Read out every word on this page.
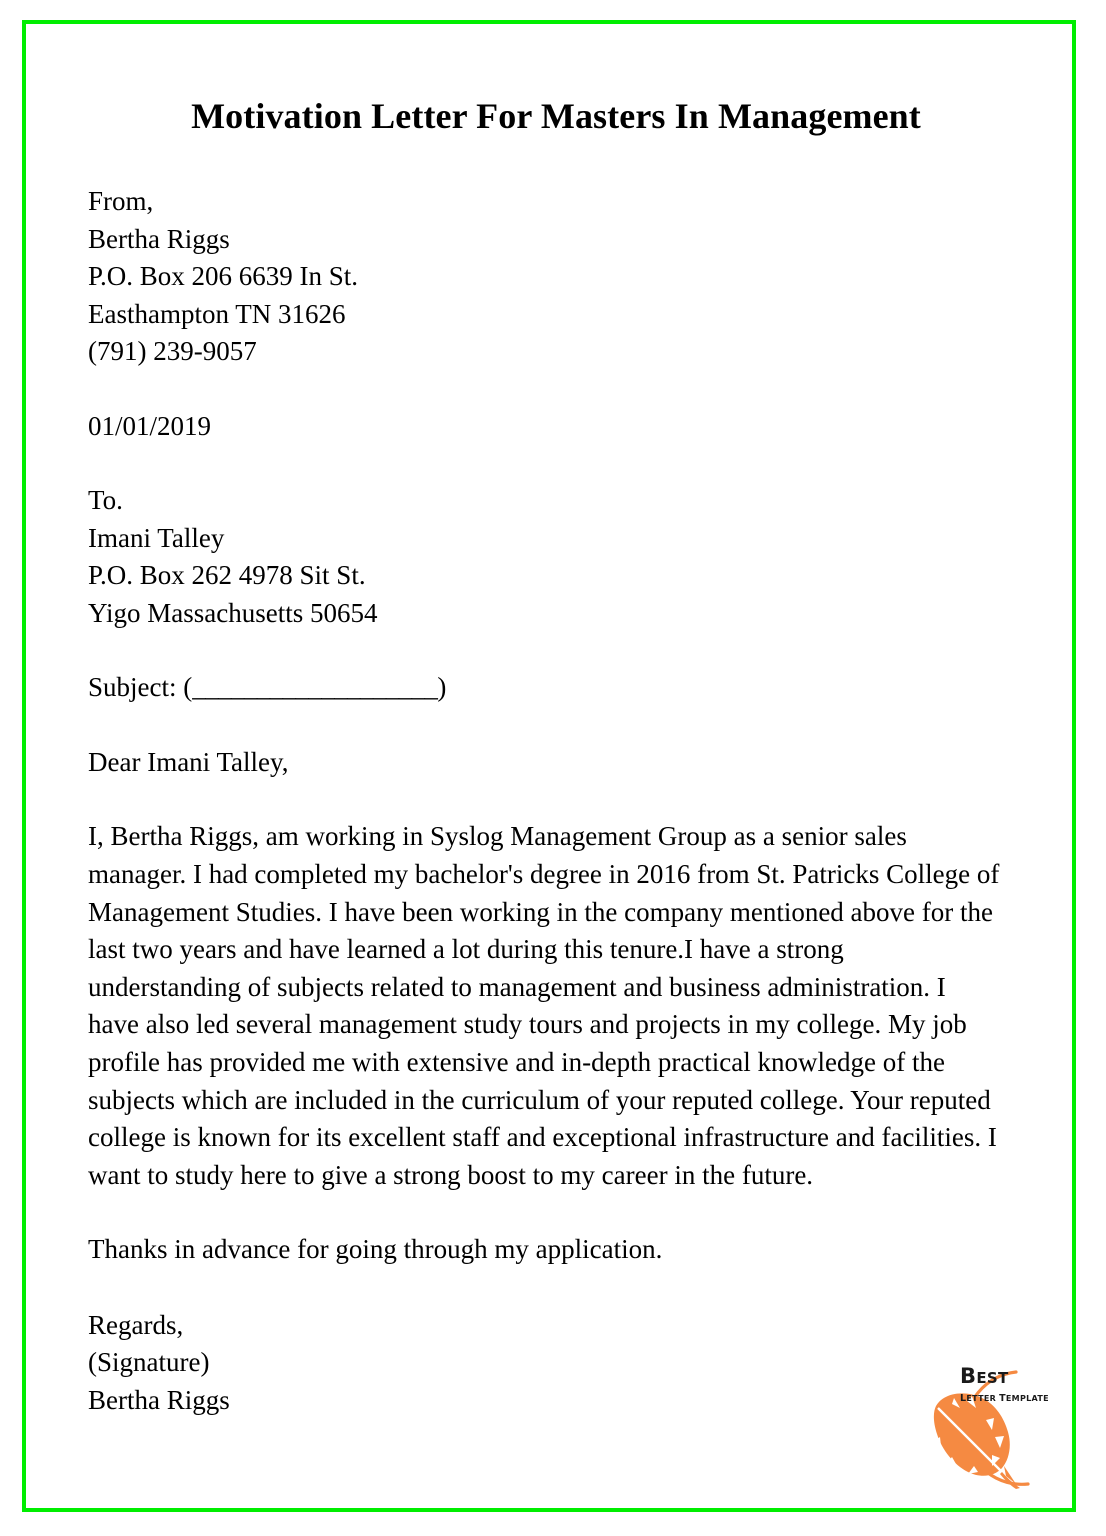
Motivation Letter For Masters In Management
From,
Bertha Riggs
P.O. Box 206 6639 In St.
Easthampton TN 31626
(791) 239-9057
01/01/2019
To.
Imani Talley
P.O. Box 262 4978 Sit St.
Yigo Massachusetts 50654
Subject: (___________________)
Dear Imani Talley,
I, Bertha Riggs, am working in Syslog Management Group as a senior sales manager. I had completed my bachelor's degree in 2016 from St. Patricks College of Management Studies. I have been working in the company mentioned above for the last two years and have learned a lot during this tenure.I have a strong understanding of subjects related to management and business administration. I have also led several management study tours and projects in my college. My job profile has provided me with extensive and in-depth practical knowledge of the subjects which are included in the curriculum of your reputed college. Your reputed college is known for its excellent staff and exceptional infrastructure and facilities. I want to study here to give a strong boost to my career in the future.
Thanks in advance for going through my application.
Regards,
(Signature)
Bertha Riggs
BEST
LETTER TEMPLATE
